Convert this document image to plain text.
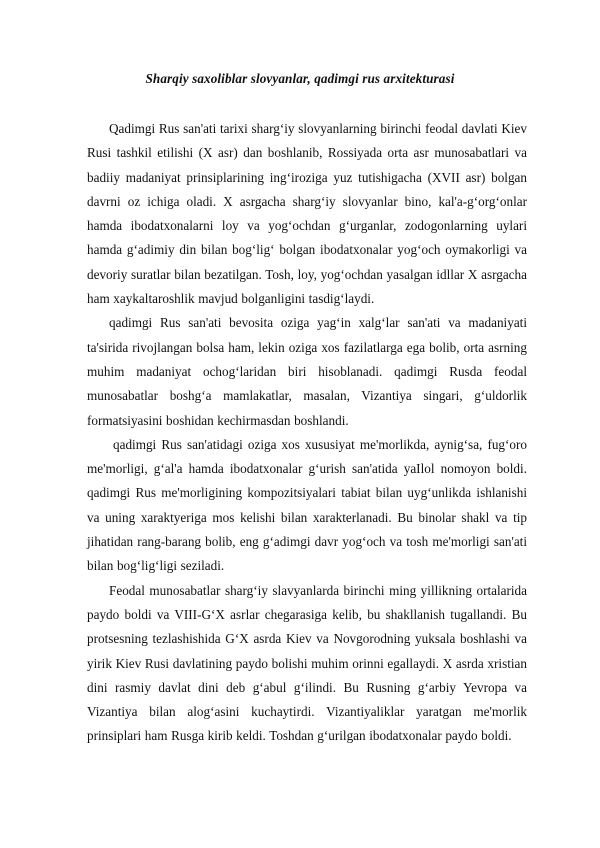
Sharqiy saxoliblar slovyanlar, qadimgi rus arxitekturasi

Qadimgi Rus san'ati tarixi sharg‘iy slovyanlarning birinchi feodal davlati Kiev Rusi tashkil etilishi (X asr) dan boshlanib, Rossiyada orta asr munosabatlari va badiiy madaniyat prinsiplarining ing‘iroziga yuz tutishigacha (XVII asr) bolgan davrni oz ichiga oladi. X asrgacha sharg‘iy slovyanlar bino, kal'a-g‘org‘onlar hamda ibodatxonalarni loy va yog‘ochdan g‘urganlar, zodogonlarning uylari hamda g‘adimiy din bilan bog‘lig‘ bolgan ibodatxonalar yog‘och oymakorligi va devoriy suratlar bilan bezatilgan. Tosh, loy, yog‘ochdan yasalgan idllar X asrgacha ham xaykaltaroshlik mavjud bolganligini tasdig‘laydi.

qadimgi Rus san'ati bevosita oziga yag‘in xalg‘lar san'ati va madaniyati ta'sirida rivojlangan bolsa ham, lekin oziga xos fazilatlarga ega bolib, orta asrning muhim madaniyat ochog‘laridan biri hisoblanadi. qadimgi Rusda feodal munosabatlar boshg‘a mamlakatlar, masalan, Vizantiya singari, g‘uldorlik formatsiyasini boshidan kechirmasdan boshlandi.

qadimgi Rus san'atidagi oziga xos xususiyat me'morlikda, aynig‘sa, fug‘oro me'morligi, g‘al'a hamda ibodatxonalar g‘urish san'atida yaIlol nomoyon boldi. qadimgi Rus me'morligining kompozitsiyalari tabiat bilan uyg‘unlikda ishlanishi va uning xaraktyeriga mos kelishi bilan xarakterlanadi. Bu binolar shakl va tip jihatidan rang-barang bolib, eng g‘adimgi davr yog‘och va tosh me'morligi san'ati bilan bog‘lig‘ligi seziladi.

Feodal munosabatlar sharg‘iy slavyanlarda birinchi ming yillikning ortalarida paydo boldi va VIII-G‘X asrlar chegarasiga kelib, bu shakllanish tugallandi. Bu protsesning tezlashishida G‘X asrda Kiev va Novgorodning yuksala boshlashi va yirik Kiev Rusi davlatining paydo bolishi muhim orinni egallaydi. X asrda xristian dini rasmiy davlat dini deb g‘abul g‘ilindi. Bu Rusning g‘arbiy Yevropa va Vizantiya bilan alog‘asini kuchaytirdi. Vizantiyaliklar yaratgan me'morlik prinsiplari ham Rusga kirib keldi. Toshdan g‘urilgan ibodatxonalar paydo boldi.
